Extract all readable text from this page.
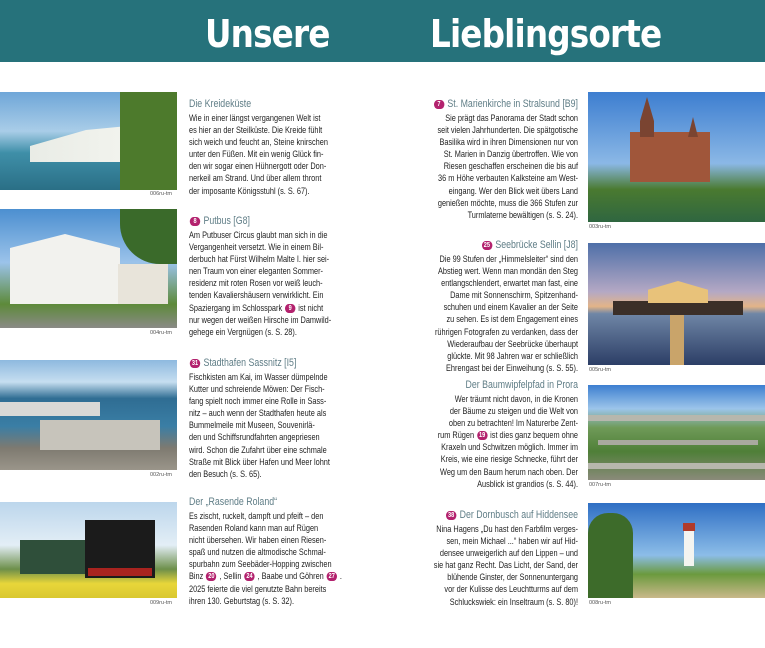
Unsere	Lieblingsorte
006ru-tm
004ru-tm
002ru-tm
009ru-tm
003ru-tm
005ru-tm
007ru-tm
008ru-tm
Die Kreideküste
Wie in einer längst vergangenen Welt ist
es hier an der Steilküste. Die Kreide fühlt
sich weich und feucht an, Steine knirschen
unter den Füßen. Mit ein wenig Glück fin-
den wir sogar einen Hühnergott oder Don-
nerkeil am Strand. Und über allem thront
der imposante Königsstuhl (s. S. 67).
8 Putbus [G8]
Am Putbuser Circus glaubt man sich in die
Vergangenheit versetzt. Wie in einem Bil-
derbuch hat Fürst Wilhelm Malte I. hier sei-
nen Traum von einer eleganten Sommer-
residenz mit roten Rosen vor weiß leuch-
tenden Kavaliershäusern verwirklicht. Ein
Spaziergang im Schlosspark 9 ist nicht
nur wegen der weißen Hirsche im Damwild-
gehege ein Vergnügen (s. S. 28).
31 Stadthafen Sassnitz [I5]
Fischkisten am Kai, im Wasser dümpelnde
Kutter und schreiende Möwen: Der Fisch-
fang spielt noch immer eine Rolle in Sass-
nitz – auch wenn der Stadthafen heute als
Bummelmeile mit Museen, Souvenirlä-
den und Schiffsrundfahrten angepriesen
wird. Schon die Zufahrt über eine schmale
Straße mit Blick über Hafen und Meer lohnt
den Besuch (s. S. 65).
Der „Rasende Roland“
Es zischt, ruckelt, dampft und pfeift – den
Rasenden Roland kann man auf Rügen
nicht übersehen. Wir haben einen Riesen-
spaß und nutzen die altmodische Schmal-
spurbahn zum Seebäder-Hopping zwischen
Binz 20 , Sellin 24 , Baabe und Göhren 27 .
2025 feierte die viel genutzte Bahn bereits
ihren 130. Geburtstag (s. S. 32).
7 St. Marienkirche in Stralsund [B9]
Sie prägt das Panorama der Stadt schon
seit vielen Jahrhunderten. Die spätgotische
Basilika wird in ihren Dimensionen nur von
St. Marien in Danzig übertroffen. Wie von
Riesen geschaffen erscheinen die bis auf
36 m Höhe verbauten Kalksteine am West-
eingang. Wer den Blick weit übers Land
genießen möchte, muss die 366 Stufen zur
Turmlaterne bewältigen (s. S. 24).
25 Seebrücke Sellin [J8]
Die 99 Stufen der „Himmelsleiter“ sind den
Abstieg wert. Wenn man mondän den Steg
entlangschlendert, erwartet man fast, eine
Dame mit Sonnenschirm, Spitzenhand-
schuhen und einem Kavalier an der Seite
zu sehen. Es ist dem Engagement eines
rührigen Fotografen zu verdanken, dass der
Wiederaufbau der Seebrücke überhaupt
glückte. Mit 98 Jahren war er schließlich
Ehrengast bei der Einweihung (s. S. 55).
Der Baumwipfelpfad in Prora
Wer träumt nicht davon, in die Kronen
der Bäume zu steigen und die Welt von
oben zu betrachten! Im Naturerbe Zent-
rum Rügen 19 ist dies ganz bequem ohne
Kraxeln und Schwitzen möglich. Immer im
Kreis, wie eine riesige Schnecke, führt der
Weg um den Baum herum nach oben. Der
Ausblick ist grandios (s. S. 44).
38 Der Dornbusch auf Hiddensee
Nina Hagens „Du hast den Farbfilm verges-
sen, mein Michael ...“ haben wir auf Hid-
densee unweigerlich auf den Lippen – und
sie hat ganz Recht. Das Licht, der Sand, der
blühende Ginster, der Sonnenuntergang
vor der Kulisse des Leuchtturms auf dem
Schluckswiek: ein Inseltraum (s. S. 80)!
